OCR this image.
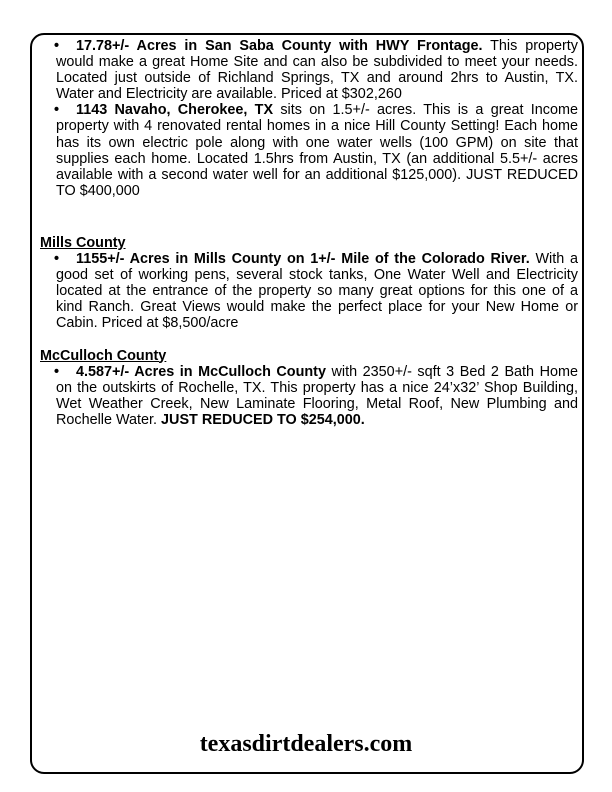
• 17.78+/- Acres in San Saba County with HWY Frontage. This property would make a great Home Site and can also be subdivided to meet your needs. Located just outside of Richland Springs, TX and around 2hrs to Austin, TX. Water and Electricity are available. Priced at $302,260
• 1143 Navaho, Cherokee, TX sits on 1.5+/- acres. This is a great Income property with 4 renovated rental homes in a nice Hill County Setting! Each home has its own electric pole along with one water wells (100 GPM) on site that supplies each home. Located 1.5hrs from Austin, TX (an additional 5.5+/- acres available with a second water well for an additional $125,000). JUST REDUCED TO $400,000
Mills County
• 1155+/- Acres in Mills County on 1+/- Mile of the Colorado River. With a good set of working pens, several stock tanks, One Water Well and Electricity located at the entrance of the property so many great options for this one of a kind Ranch. Great Views would make the perfect place for your New Home or Cabin. Priced at $8,500/acre
McCulloch County
• 4.587+/- Acres in McCulloch County with 2350+/- sqft 3 Bed 2 Bath Home on the outskirts of Rochelle, TX. This property has a nice 24’x32’ Shop Building, Wet Weather Creek, New Laminate Flooring, Metal Roof, New Plumbing and Rochelle Water. JUST REDUCED TO $254,000.
texasdirtdealers.com
